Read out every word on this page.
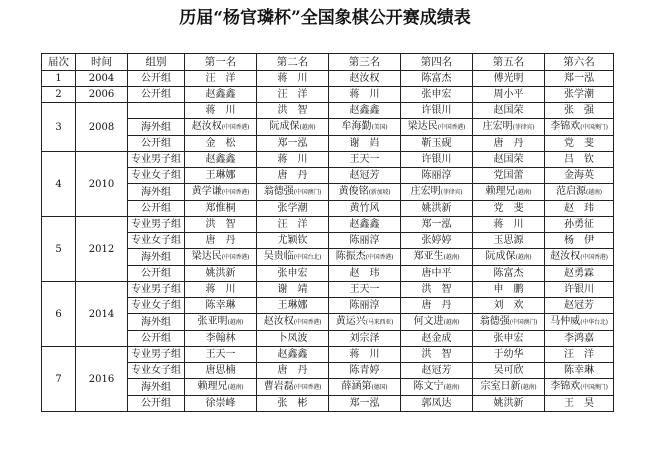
历届“杨官璘杯”全国象棋公开赛成绩表
届次	时间	组别	第一名	第二名	第三名	第四名	第五名	第六名
1	2004	公开组	汪　洋	蒋　川	赵汝权	陈富杰	傅光明	郑一泓
2	2006	公开组	赵鑫鑫	汪　洋	蒋　川	张申宏	周小平	张学潮
3	2008		蒋　川	洪　智	赵鑫鑫	许银川	赵国荣	张　强
		海外组	赵汝权(中国香港)	阮成保(越南)	牟海勤(美国)	梁达民(中国香港)	庄宏明(菲律宾)	李锦欢(中国澳门)
		公开组	金　松	郑一泓	谢　岿	靳玉砚	唐　丹	党　斐
4	2010	专业男子组	赵鑫鑫	蒋　川	王天一	许银川	赵国荣	吕　钦
		专业女子组	王琳娜	唐　丹	赵冠芳	陈丽淳	党国蕾	金海英
		海外组	黄学谦(中国香港)	翁德强(中国澳门)	黄俊铭(新加坡)	庄宏明(菲律宾)	赖理兄(越南)	范启源(越南)
		公开组	郑惟桐	张学潮	黄竹风	姚洪新	党　斐	赵　玮
5	2012	专业男子组	洪　智	汪　洋	赵鑫鑫	郑一泓	蒋　川	孙勇征
		专业女子组	唐　丹	尤颖钦	陈丽淳	张婷婷	玉思源	杨　伊
		海外组	梁达民(中国香港)	吴贵临(中国台北)	陈振杰(中国香港)	郑亚生(越南)	阮成保(越南)	赵汝权(中国香港)
		公开组	姚洪新	张申宏	赵　玮	唐中平	陈富杰	赵勇霖
6	2014	专业男子组	蒋　川	谢　靖	王天一	洪　智	申　鹏	许银川
		专业女子组	陈幸琳	王琳娜	陈丽淳	唐　丹	刘　欢	赵冠芳
		海外组	张亚明(越南)	赵汝权(中国香港)	黄运兴(马来西亚)	何文进(越南)	翁德强(中国澳门)	马仲威(中华台北)
		公开组	李翰林	卜凤波	刘宗泽	赵金成	张申宏	李鸿嘉
7	2016	专业男子组	王天一	赵鑫鑫	蒋　川	洪　智	于幼华	汪　洋
		专业女子组	唐思楠	唐　丹	陈青婷	赵冠芳	吴可欣	陈幸琳
		海外组	赖理兄(越南)	曹岩磊(中国香港)	薛涵第(德国)	陈文宁(越南)	宗室日新(越南)	李锦欢(中国澳门)
		公开组	徐崇峰	张　彬	郑一泓	郭凤达	姚洪新	王　昊
